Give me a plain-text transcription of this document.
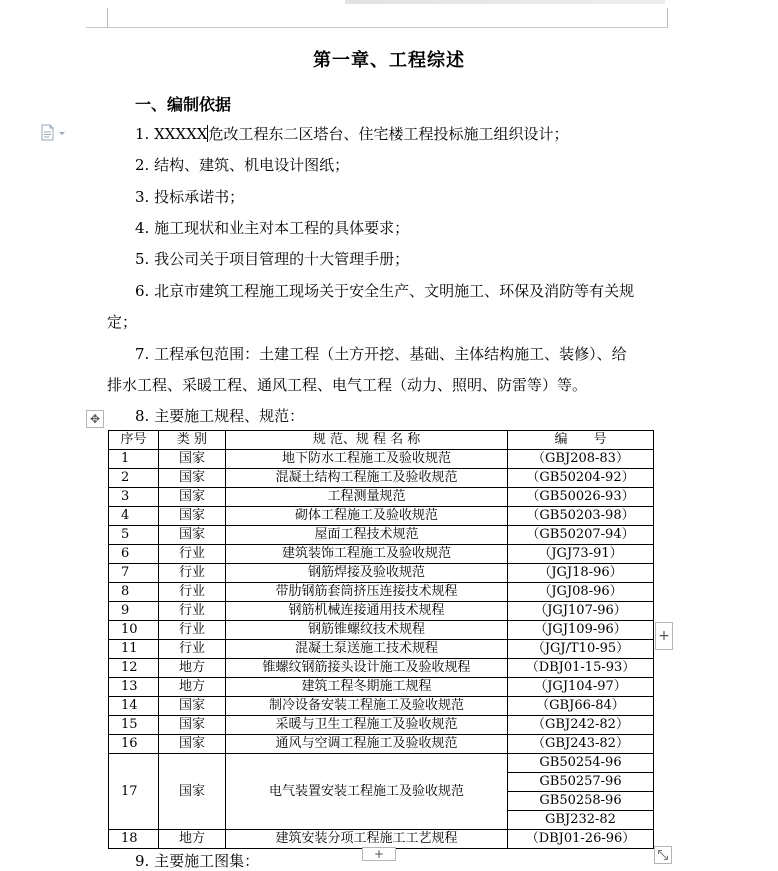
第一章、工程综述
一、编制依据
1. XXXXX危改工程东二区塔台、住宅楼工程投标施工组织设计；
2. 结构、建筑、机电设计图纸；
3. 投标承诺书；
4. 施工现状和业主对本工程的具体要求；
5. 我公司关于项目管理的十大管理手册；
6. 北京市建筑工程施工现场关于安全生产、文明施工、环保及消防等有关规
定；
7. 工程承包范围：土建工程（土方开挖、基础、主体结构施工、装修）、给
排水工程、采暖工程、通风工程、电气工程（动力、照明、防雷等）等。
8. 主要施工规程、规范：
9. 主要施工图集：
✥
序号	类 别	规 范、规 程 名 称	编　　号
1	国家	地下防水工程施工及验收规范	（GBJ208-83）
2	国家	混凝土结构工程施工及验收规范	（GB50204-92）
3	国家	工程测量规范	（GB50026-93）
4	国家	砌体工程施工及验收规范	（GB50203-98）
5	国家	屋面工程技术规范	（GB50207-94）
6	行业	建筑装饰工程施工及验收规范	（JGJ73-91）
7	行业	钢筋焊接及验收规范	（JGJ18-96）
8	行业	带肋钢筋套筒挤压连接技术规程	（JGJ08-96）
9	行业	钢筋机械连接通用技术规程	（JGJ107-96）
10	行业	钢筋锥螺纹技术规程	（JGJ109-96）
11	行业	混凝土泵送施工技术规程	（JGJ/T10-95）
12	地方	锥螺纹钢筋接头设计施工及验收规程	（DBJ01-15-93）
13	地方	建筑工程冬期施工规程	（JGJ104-97）
14	国家	制冷设备安装工程施工及验收规范	（GBJ66-84）
15	国家	采暖与卫生工程施工及验收规范	（GBJ242-82）
16	国家	通风与空调工程施工及验收规范	（GBJ243-82）
17	国家	电气装置安装工程施工及验收规范	GB50254-96
			GB50257-96
			GB50258-96
			GBJ232-82
18	地方	建筑安装分项工程施工工艺规程	（DBJ01-26-96）
+
+
